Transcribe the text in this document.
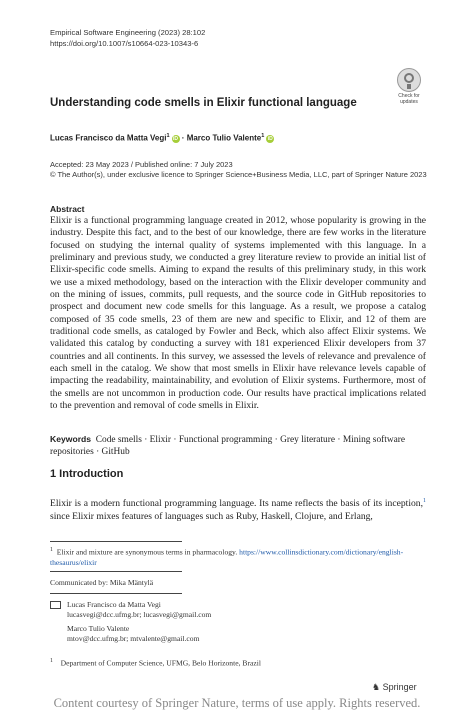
Empirical Software Engineering (2023) 28:102
https://doi.org/10.1007/s10664-023-10343-6
Check for
updates
Understanding code smells in Elixir functional language
Lucas Francisco da Matta Vegi$^1$ iD · Marco Tulio Valente$^1$ iD
Accepted: 23 May 2023 / Published online: 7 July 2023
© The Author(s), under exclusive licence to Springer Science+Business Media, LLC, part of Springer Nature 2023
Abstract
Elixir is a functional programming language created in 2012, whose popularity is growing in the industry. Despite this fact, and to the best of our knowledge, there are few works in the literature focused on studying the internal quality of systems implemented with this language. In a preliminary and previous study, we conducted a grey literature review to provide an initial list of Elixir-specific code smells. Aiming to expand the results of this preliminary study, in this work we use a mixed methodology, based on the interaction with the Elixir developer community and on the mining of issues, commits, pull requests, and the source code in GitHub repositories to prospect and document new code smells for this language. As a result, we propose a catalog composed of 35 code smells, 23 of them are new and specific to Elixir, and 12 of them are traditional code smells, as cataloged by Fowler and Beck, which also affect Elixir systems. We validated this catalog by conducting a survey with 181 experienced Elixir developers from 37 countries and all continents. In this survey, we assessed the levels of relevance and prevalence of each smell in the catalog. We show that most smells in Elixir have relevance levels capable of impacting the readability, maintainability, and evolution of Elixir systems. Furthermore, most of the smells are not uncommon in production code. Our results have practical implications related to the prevention and removal of code smells in Elixir.
Keywords Code smells · Elixir · Functional programming · Grey literature · Mining software repositories · GitHub
1 Introduction
Elixir is a modern functional programming language. Its name reflects the basis of its inception,$^1$ since Elixir mixes features of languages such as Ruby, Haskell, Clojure, and Erlang,
$^1$ Elixir and mixture are synonymous terms in pharmacology. https://www.collinsdictionary.com/dictionary/english-thesaurus/elixir
Communicated by: Mika Mäntylä
Lucas Francisco da Matta Vegi
lucasvegi@dcc.ufmg.br; lucasvegi@gmail.com

Marco Tulio Valente
mtov@dcc.ufmg.br; mtvalente@gmail.com
$^1$ Department of Computer Science, UFMG, Belo Horizonte, Brazil
♞ Springer
Content courtesy of Springer Nature, terms of use apply. Rights reserved.
